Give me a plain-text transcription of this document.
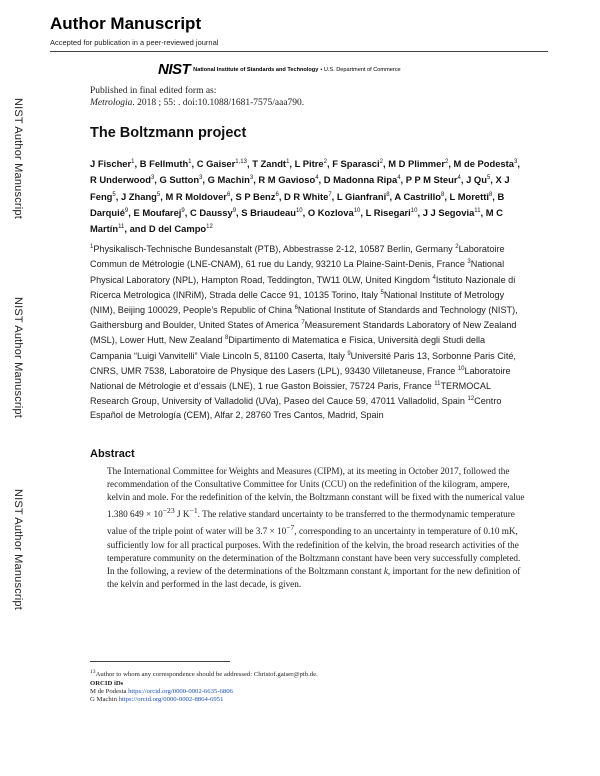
Author Manuscript
Accepted for publication in a peer-reviewed journal
NIST National Institute of Standards and Technology • U.S. Department of Commerce
Published in final edited form as:
Metrologia. 2018 ; 55: . doi:10.1088/1681-7575/aaa790.
NIST Author Manuscript
NIST Author Manuscript
NIST Author Manuscript
The Boltzmann project
J Fischer$^1$, B Fellmuth$^1$, C Gaiser$^{1,13}$, T Zandt$^1$, L Pitre$^2$, F Sparasci$^2$, M D Plimmer$^2$, M de Podesta$^3$, R Underwood$^3$, G Sutton$^3$, G Machin$^3$, R M Gavioso$^4$, D Madonna Ripa$^4$, P P M Steur$^4$, J Qu$^5$, X J Feng$^5$, J Zhang$^5$, M R Moldover$^6$, S P Benz$^6$, D R White$^7$, L Gianfrani$^8$, A Castrillo$^8$, L Moretti$^8$, B Darquié$^9$, E Moufarej$^9$, C Daussy$^9$, S Briaudeau$^{10}$, O Kozlova$^{10}$, L Risegari$^{10}$, J J Segovia$^{11}$, M C Martín$^{11}$, and D del Campo$^{12}$
$^1$Physikalisch-Technische Bundesanstalt (PTB), Abbestrasse 2-12, 10587 Berlin, Germany $^2$Laboratoire Commun de Métrologie (LNE-CNAM), 61 rue du Landy, 93210 La Plaine-Saint-Denis, France $^3$National Physical Laboratory (NPL), Hampton Road, Teddington, TW11 0LW, United Kingdom $^4$Istituto Nazionale di Ricerca Metrologica (INRiM), Strada delle Cacce 91, 10135 Torino, Italy $^5$National Institute of Metrology (NIM), Beijing 100029, People’s Republic of China $^6$National Institute of Standards and Technology (NIST), Gaithersburg and Boulder, United States of America $^7$Measurement Standards Laboratory of New Zealand (MSL), Lower Hutt, New Zealand $^8$Dipartimento di Matematica e Fisica, Università degli Studi della Campania “Luigi Vanvitelli” Viale Lincoln 5, 81100 Caserta, Italy $^9$Université Paris 13, Sorbonne Paris Cité, CNRS, UMR 7538, Laboratoire de Physique des Lasers (LPL), 93430 Villetaneuse, France $^{10}$Laboratoire National de Métrologie et d’essais (LNE), 1 rue Gaston Boissier, 75724 Paris, France $^{11}$TERMOCAL Research Group, University of Valladolid (UVa), Paseo del Cauce 59, 47011 Valladolid, Spain $^{12}$Centro Español de Metrología (CEM), Alfar 2, 28760 Tres Cantos, Madrid, Spain
Abstract
The International Committee for Weights and Measures (CIPM), at its meeting in October 2017, followed the recommendation of the Consultative Committee for Units (CCU) on the redefinition of the kilogram, ampere, kelvin and mole. For the redefinition of the kelvin, the Boltzmann constant will be fixed with the numerical value 1.380 $649 \times 10^{-23}$ J $K^{-1}$. The relative standard uncertainty to be transferred to the thermodynamic temperature value of the triple point of water will be $3.7 \times 10^{-7}$, corresponding to an uncertainty in temperature of 0.10 mK, sufficiently low for all practical purposes. With the redefinition of the kelvin, the broad research activities of the temperature community on the determination of the Boltzmann constant have been very successfully completed. In the following, a review of the determinations of the Boltzmann constant k, important for the new definition of the kelvin and performed in the last decade, is given.
$^{13}$Author to whom any correspondence should be addressed: Christof.gaiser@ptb.de.
ORCID iDs
M de Podesta https://orcid.org/0000-0002-6635-6806
G Machin https://orcid.org/0000-0002-8864-6951
